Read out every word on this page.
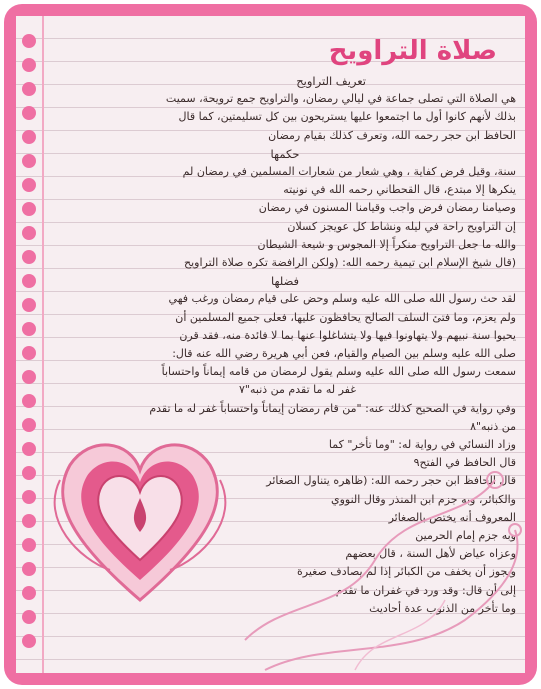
صلاة التراويح
تعريف التراويح

هي الصلاة التي تصلى جماعة في ليالي رمضان، والتراويح جمع ترويحة، سميت

بذلك لأنهم كانوا أول ما اجتمعوا عليها يستريحون بين كل تسليمتين، كما قال

الحافظ ابن حجر رحمه الله، وتعرف كذلك بقيام رمضان

حكمها

سنة، وقيل فرض كفاية ، وهي شعار من شعارات المسلمين في رمضان لم

ينكرها إلا مبتدع، قال القحطاني رحمه الله في نونيته

وصيامنا رمضان فرض واجب وقيامنا المسنون في رمضان

إن التراويح راحة في ليله ونشاط كل عويجز كسلان

والله ما جعل التراويح منكراً إلا المجوس و شيعة الشيطان

(قال شيخ الإسلام ابن تيمية رحمه الله: (ولكن الرافضة تكره صلاة التراويح

فضلها

لقد حث رسول الله صلى الله عليه وسلم وحض على قيام رمضان ورغب فهي

ولم يعزم، وما فتئ السلف الصالح يحافظون عليها، فعلى جميع المسلمين أن

يحيوا سنة نبيهم ولا يتهاونوا فيها ولا يتشاغلوا عنها بما لا فائدة منه، فقد قرن

صلى الله عليه وسلم بين الصيام والقيام، فعن أبي هريرة رضي الله عنه قال:

سمعت رسول الله صلى الله عليه وسلم يقول لرمضان من قامه إيماناً واحتساباً

غفر له ما تقدم من ذنبه"٧

وفي رواية في الصحيح كذلك عنه: "من قام رمضان إيماناً واحتساباً غفر له ما تقدم

من ذنبه"٨

وزاد النسائي في رواية له: "وما تأخر" كما

قال الحافظ في الفتح٩

قال الحافظ ابن حجر رحمه الله: (ظاهره يتناول الصغائر

والكبائر، وبه جزم ابن المنذر وقال النووي

المعروف أنه يختص بالصغائر

وبه جزم إمام الحرمين

وعزاه عياض لأهل السنة ، قال بعضهم

ويجوز أن يخفف من الكبائر إذا لم يصادف صغيرة

إلى أن قال: وقد ورد في غفران ما تقدم

وما تأخر من الذنوب عدة أحاديث
